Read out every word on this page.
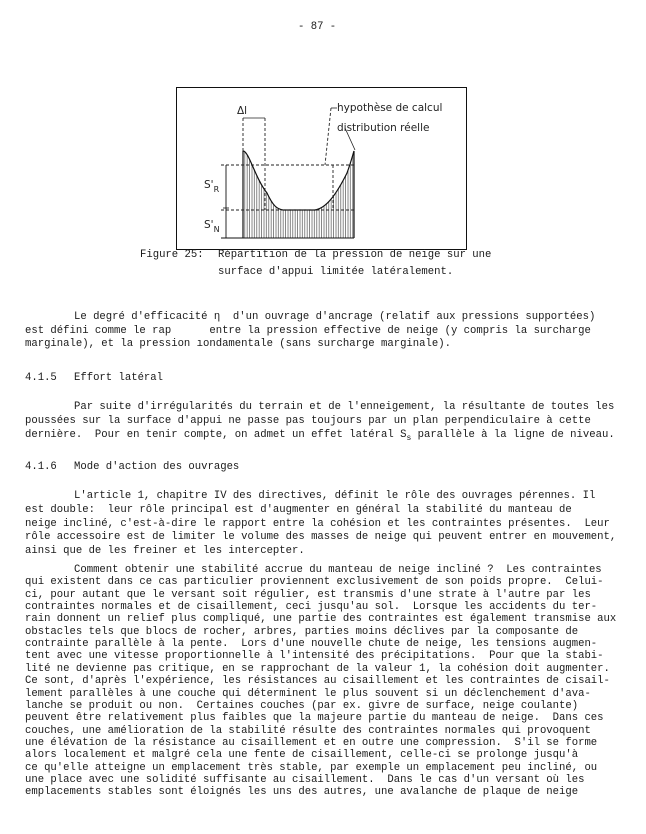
- 87 -
Δl	hypothèse de calcul
distribution réelle
$S'_R$
$S'_N$
Figure 25: Répartition de la pression de neige sur une
surface d'appui limitée latéralement.
Le degré d'efficacité η  d'un ouvrage d'ancrage (relatif aux pressions supportées)
est défini comme le rap      entre la pression effective de neige (y compris la surcharge
marginale), et la pression ıondamentale (sans surcharge marginale).
4.1.5 Effort latéral
Par suite d'irrégularités du terrain et de l'enneigement, la résultante de toutes les
poussées sur la surface d'appui ne passe pas toujours par un plan perpendiculaire à cette
dernière.  Pour en tenir compte, on admet un effet latéral $S_s$ parallèle à la ligne de niveau.
4.1.6 Mode d'action des ouvrages
L'article 1, chapitre IV des directives, définit le rôle des ouvrages pérennes. Il
est double:  leur rôle principal est d'augmenter en général la stabilité du manteau de
neige incliné, c'est-à-dire le rapport entre la cohésion et les contraintes présentes.  Leur
rôle accessoire est de limiter le volume des masses de neige qui peuvent entrer en mouvement,
ainsi que de les freiner et les intercepter.
Comment obtenir une stabilité accrue du manteau de neige incliné ?  Les contraintes
qui existent dans ce cas particulier proviennent exclusivement de son poids propre.  Celui-
ci, pour autant que le versant soit régulier, est transmis d'une strate à l'autre par les
contraintes normales et de cisaillement, ceci jusqu'au sol.  Lorsque les accidents du ter-
rain donnent un relief plus compliqué, une partie des contraintes est également transmise aux
obstacles tels que blocs de rocher, arbres, parties moins déclives par la composante de
contrainte parallèle à la pente.  Lors d'une nouvelle chute de neige, les tensions augmen-
tent avec une vitesse proportionnelle à l'intensité des précipitations.  Pour que la stabi-
lité ne devienne pas critique, en se rapprochant de la valeur 1, la cohésion doit augmenter.
Ce sont, d'après l'expérience, les résistances au cisaillement et les contraintes de cisail-
lement parallèles à une couche qui déterminent le plus souvent si un déclenchement d'ava-
lanche se produit ou non.  Certaines couches (par ex. givre de surface, neige coulante)
peuvent être relativement plus faibles que la majeure partie du manteau de neige.  Dans ces
couches, une amélioration de la stabilité résulte des contraintes normales qui provoquent
une élévation de la résistance au cisaillement et en outre une compression.  S'il se forme
alors localement et malgré cela une fente de cisaillement, celle-ci se prolonge jusqu'à
ce qu'elle atteigne un emplacement très stable, par exemple un emplacement peu incliné, ou
une place avec une solidité suffisante au cisaillement.  Dans le cas d'un versant où les
emplacements stables sont éloignés les uns des autres, une avalanche de plaque de neige
